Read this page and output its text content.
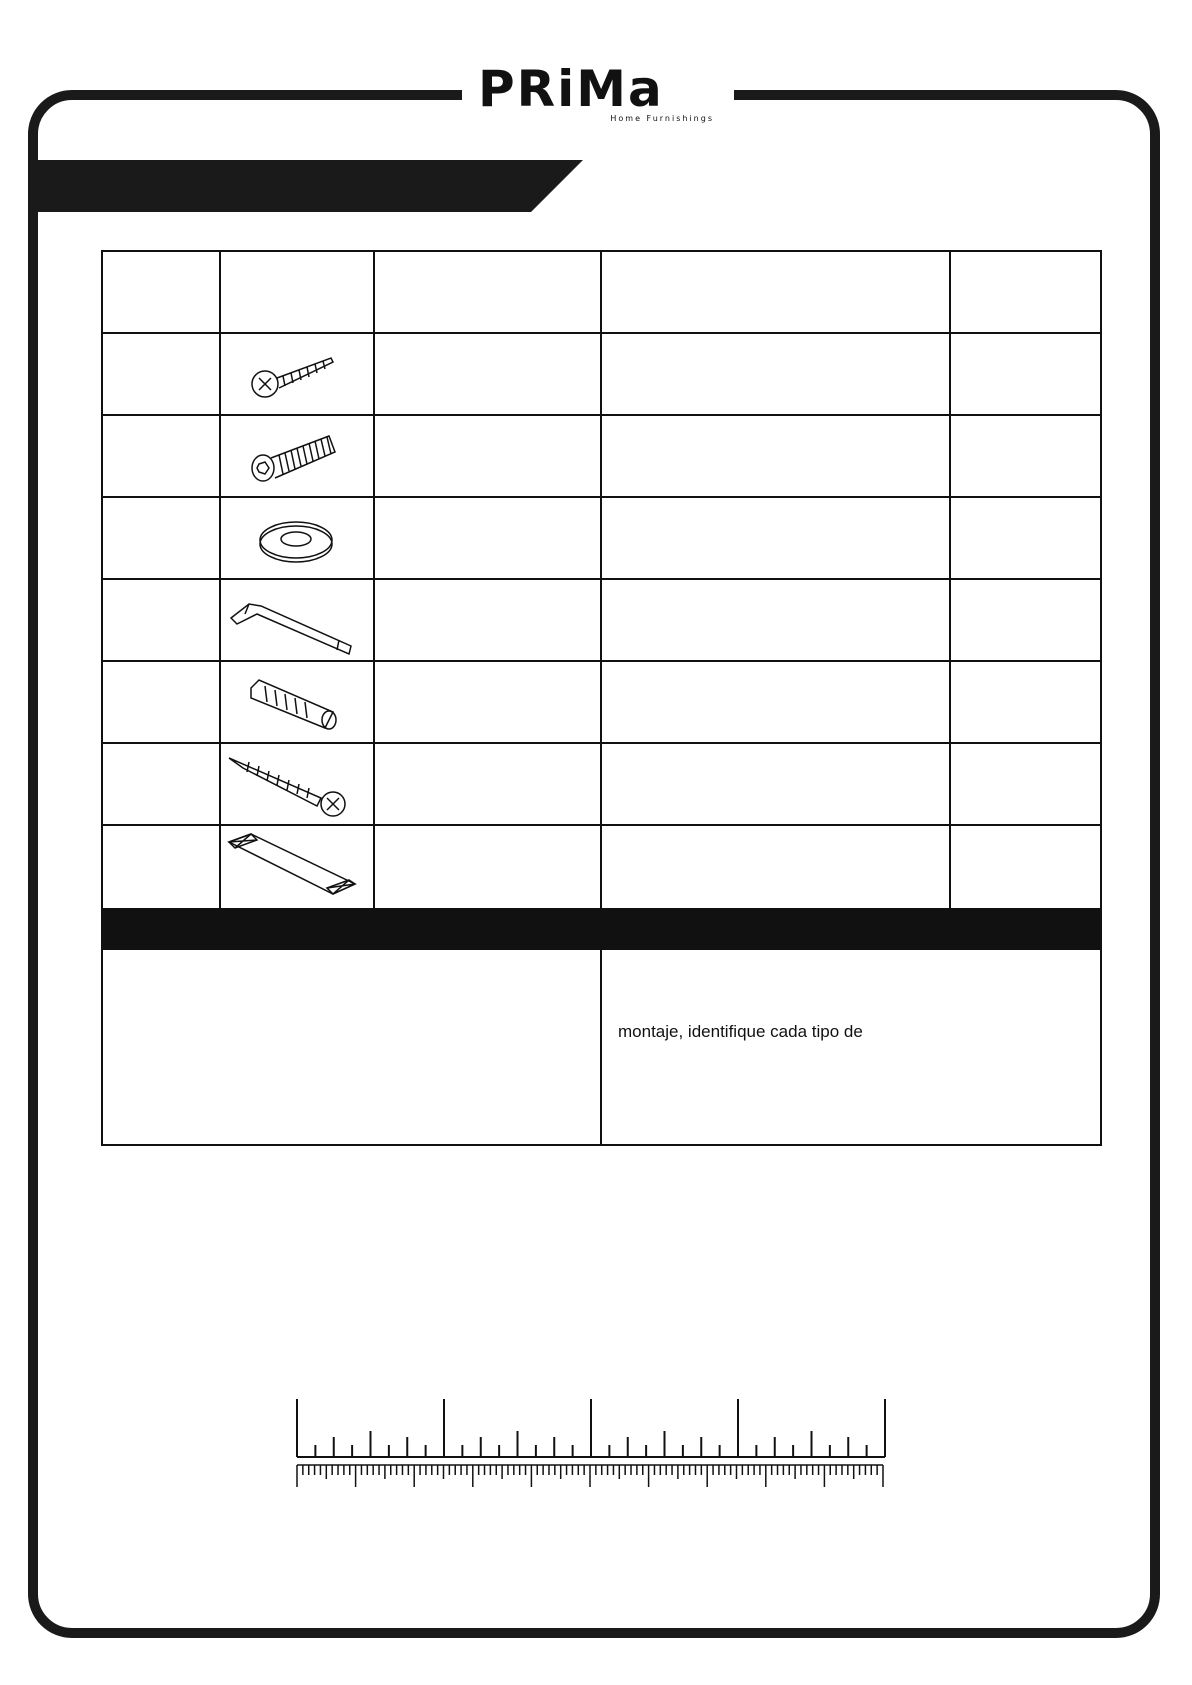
PRiMa
Home Furnishings
montaje, identifique cada tipo de
